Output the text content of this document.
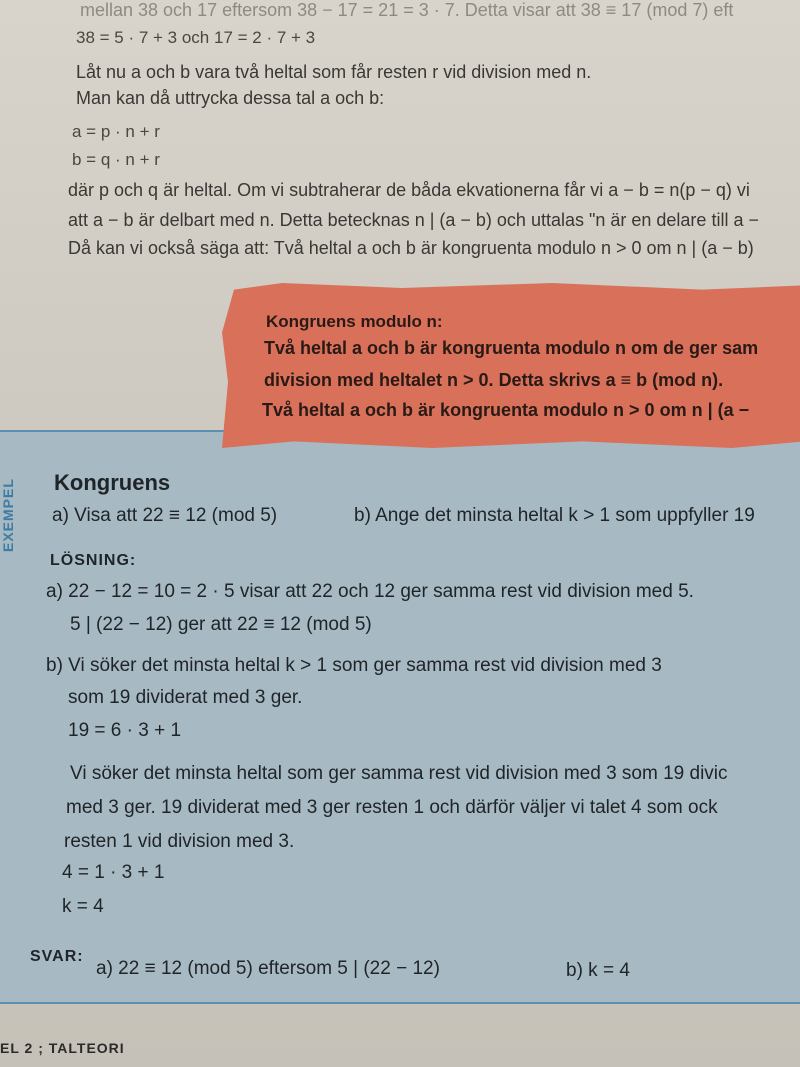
mellan 38 och 17 eftersom 38 − 17 = 21 = 3 · 7. Detta visar att 38 ≡ 17 (mod 7) eft
38 = 5 · 7 + 3 och 17 = 2 · 7 + 3
Låt nu a och b vara två heltal som får resten r vid division med n.
Man kan då uttrycka dessa tal a och b:
a = p · n + r
b = q · n + r
där p och q är heltal. Om vi subtraherar de båda ekvationerna får vi a − b = n(p − q) vi
att a − b är delbart med n. Detta betecknas n | (a − b) och uttalas "n är en delare till a −
Då kan vi också säga att: Två heltal a och b är kongruenta modulo n > 0 om n | (a − b)
EXEMPEL
Kongruens modulo n:
Två heltal a och b är kongruenta modulo n om de ger sam
division med heltalet n > 0. Detta skrivs a ≡ b (mod n).
Två heltal a och b är kongruenta modulo n > 0 om n | (a −
Kongruens
a) Visa att 22 ≡ 12 (mod 5)	b) Ange det minsta heltal k > 1 som uppfyller 19
LÖSNING:
a) 22 − 12 = 10 = 2 · 5 visar att 22 och 12 ger samma rest vid division med 5.
5 | (22 − 12) ger att 22 ≡ 12 (mod 5)
b) Vi söker det minsta heltal k > 1 som ger samma rest vid division med 3
som 19 dividerat med 3 ger.
19 = 6 · 3 + 1
Vi söker det minsta heltal som ger samma rest vid division med 3 som 19 divic
med 3 ger. 19 dividerat med 3 ger resten 1 och därför väljer vi talet 4 som ock
resten 1 vid division med 3.
4 = 1 · 3 + 1
k = 4
SVAR:
a) 22 ≡ 12 (mod 5) eftersom 5 | (22 − 12)	b) k = 4
EL 2 ; TALTEORI
